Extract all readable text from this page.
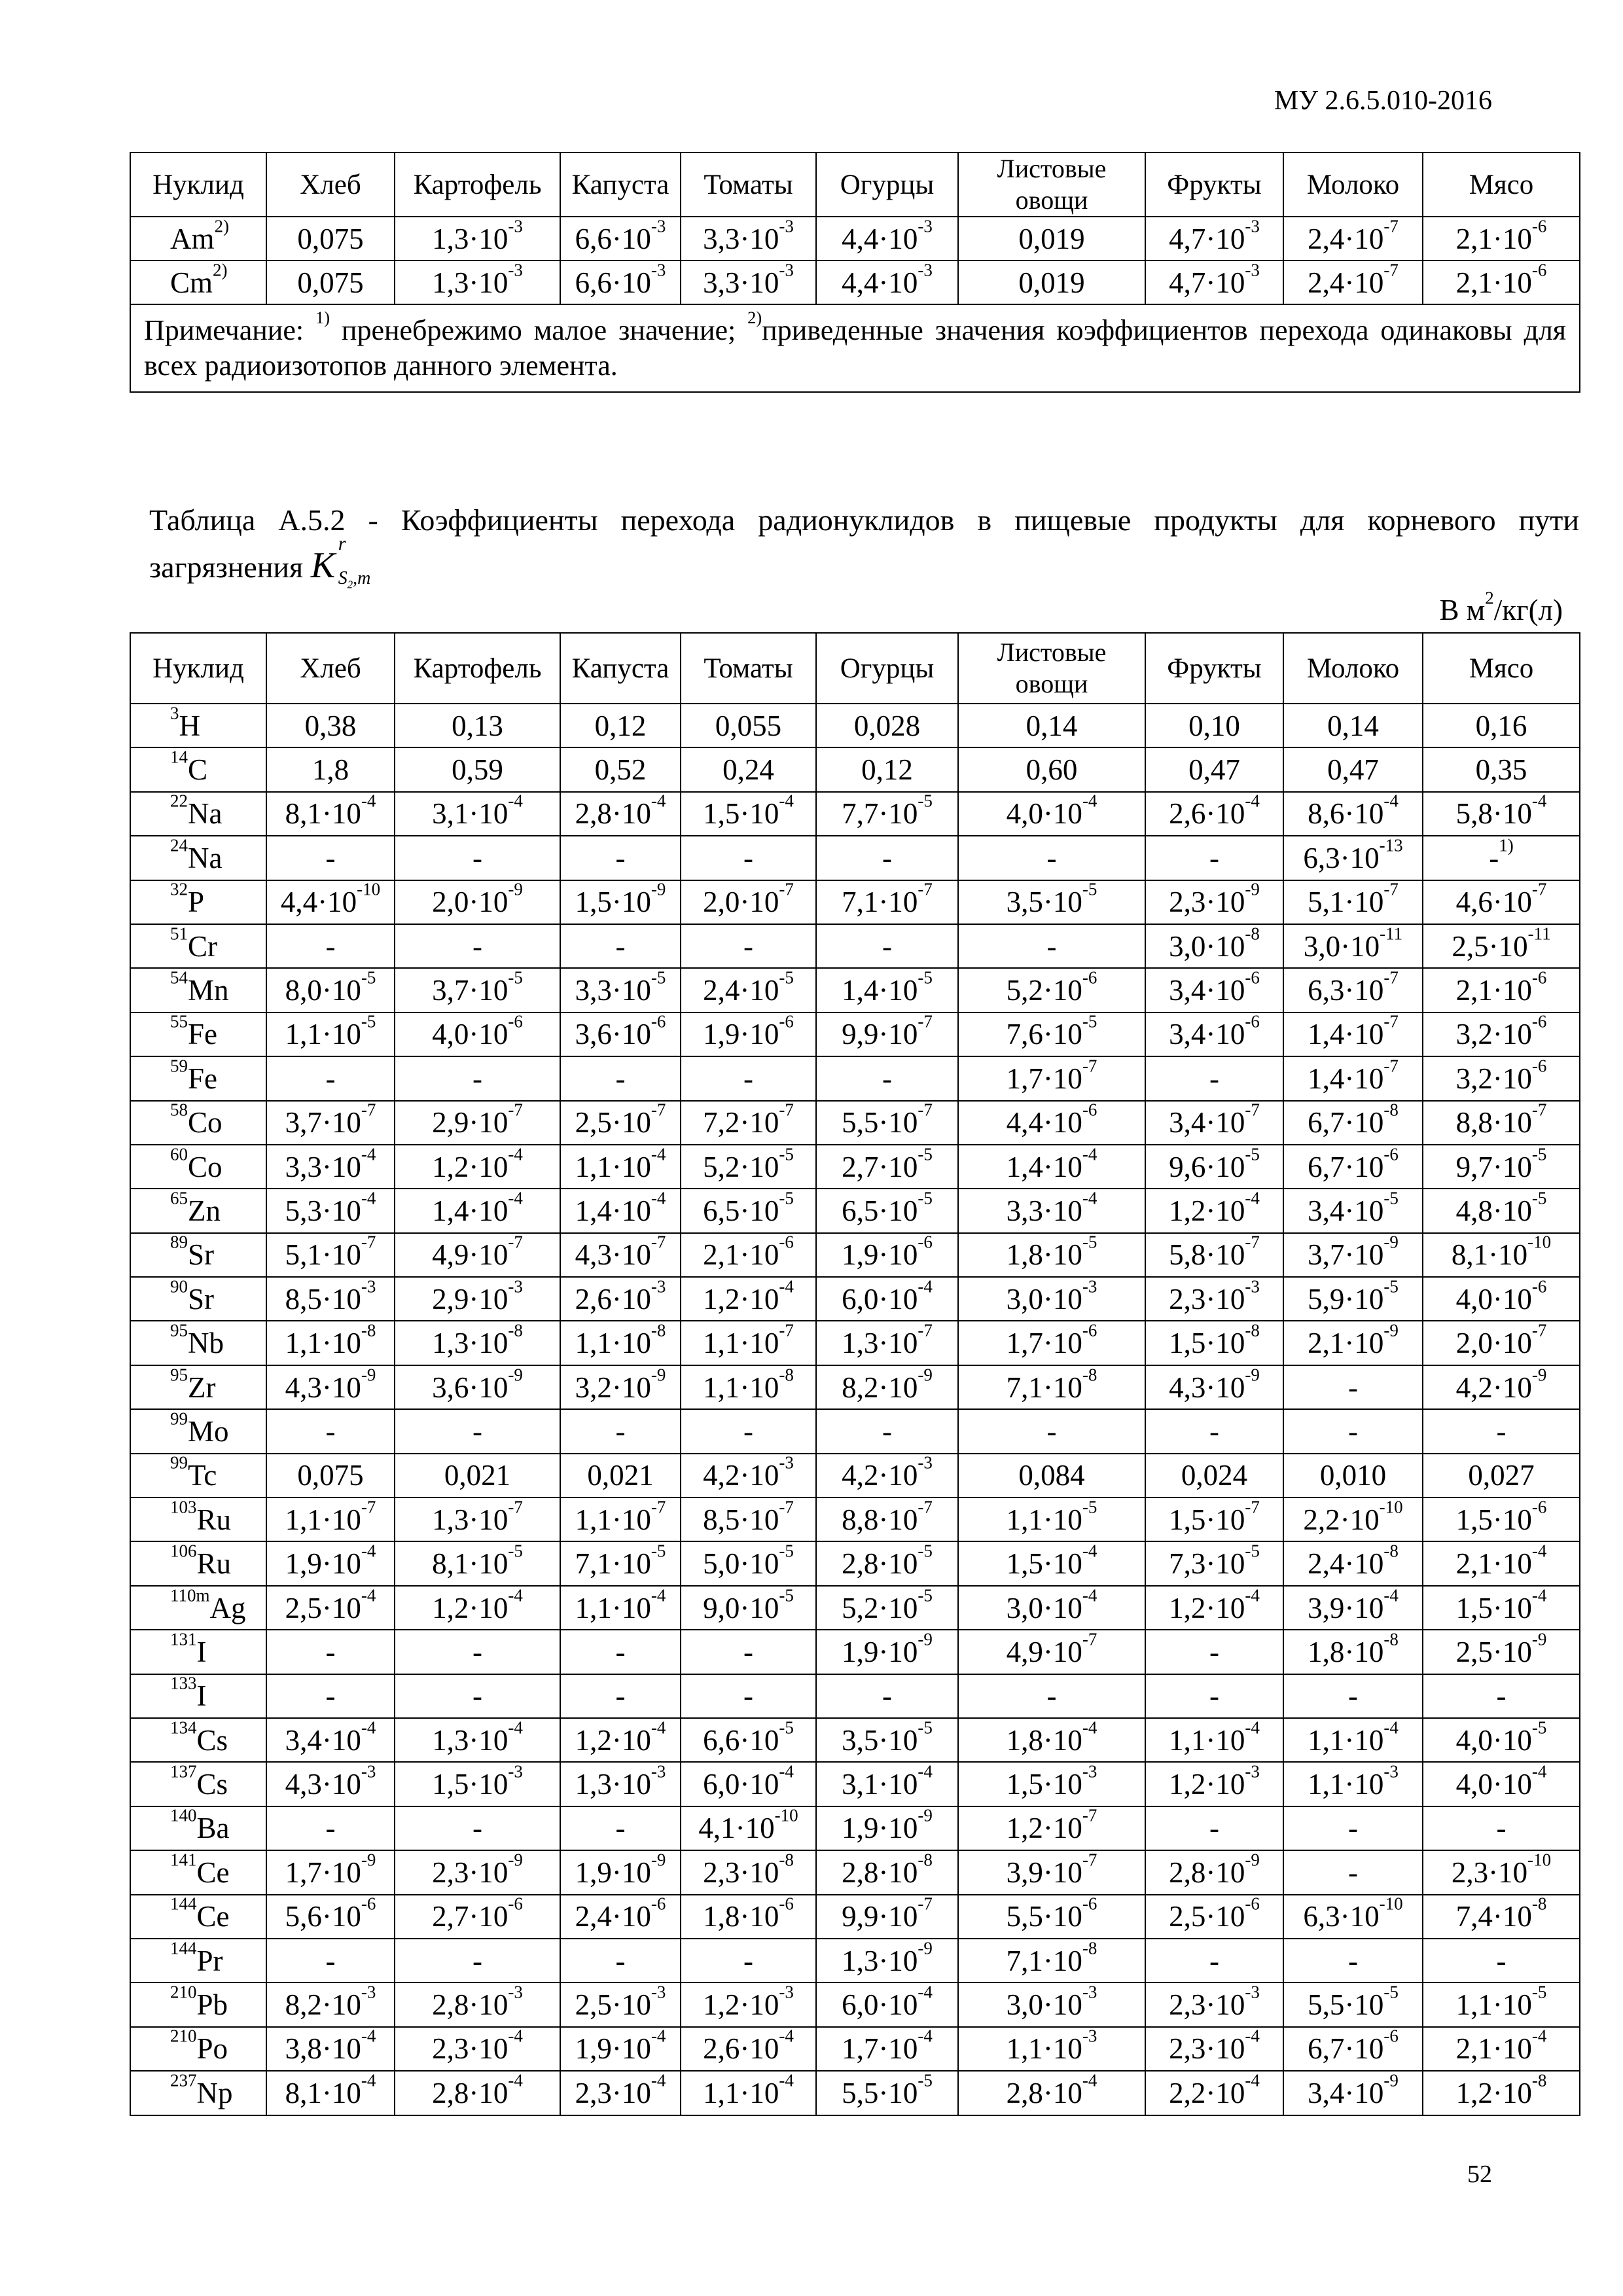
МУ 2.6.5.010-2016
Нуклид	Хлеб	Картофель	Капуста	Томаты	Огурцы	Листовые овощи	Фрукты	Молоко	Мясо
Am$^{2)}$	0,075	$1,3\cdot 10^{-3}$	$6,6\cdot 10^{-3}$	$3,3\cdot 10^{-3}$	$4,4\cdot 10^{-3}$	0,019	$4,7\cdot 10^{-3}$	$2,4\cdot 10^{-7}$	$2,1\cdot 10^{-6}$
Cm$^{2)}$	0,075	$1,3\cdot 10^{-3}$	$6,6\cdot 10^{-3}$	$3,3\cdot 10^{-3}$	$4,4\cdot 10^{-3}$	0,019	$4,7\cdot 10^{-3}$	$2,4\cdot 10^{-7}$	$2,1\cdot 10^{-6}$
Примечание: $^{1)}$ пренебрежимо малое значение; $^{2)}$приведенные значения коэффициентов перехода одинаковы для всех радиоизотопов данного элемента.									
Таблица А.5.2 - Коэффициенты перехода радионуклидов в пищевые продукты для корневого пути
загрязнения K
r
$S_2,m$
В $м^2/кг(л)$
Нуклид	Хлеб	Картофель	Капуста	Томаты	Огурцы	Листовые овощи	Фрукты	Молоко	Мясо
$^3$H	0,38	0,13	0,12	0,055	0,028	0,14	0,10	0,14	0,16
$^{14}$C	1,8	0,59	0,52	0,24	0,12	0,60	0,47	0,47	0,35
$^{22}$Na	$8,1\cdot 10^{-4}$	$3,1\cdot 10^{-4}$	$2,8\cdot 10^{-4}$	$1,5\cdot 10^{-4}$	$7,7\cdot 10^{-5}$	$4,0\cdot 10^{-4}$	$2,6\cdot 10^{-4}$	$8,6\cdot 10^{-4}$	$5,8\cdot 10^{-4}$
$^{24}$Na	-	-	-	-	-	-	-	$6,3\cdot 10^{-13}$	-$^{1)}$
$^{32}$P	$4,4\cdot 10^{-10}$	$2,0\cdot 10^{-9}$	$1,5\cdot 10^{-9}$	$2,0\cdot 10^{-7}$	$7,1\cdot 10^{-7}$	$3,5\cdot 10^{-5}$	$2,3\cdot 10^{-9}$	$5,1\cdot 10^{-7}$	$4,6\cdot 10^{-7}$
$^{51}$Cr	-	-	-	-	-	-	$3,0\cdot 10^{-8}$	$3,0\cdot 10^{-11}$	$2,5\cdot 10^{-11}$
$^{54}$Mn	$8,0\cdot 10^{-5}$	$3,7\cdot 10^{-5}$	$3,3\cdot 10^{-5}$	$2,4\cdot 10^{-5}$	$1,4\cdot 10^{-5}$	$5,2\cdot 10^{-6}$	$3,4\cdot 10^{-6}$	$6,3\cdot 10^{-7}$	$2,1\cdot 10^{-6}$
$^{55}$Fe	$1,1\cdot 10^{-5}$	$4,0\cdot 10^{-6}$	$3,6\cdot 10^{-6}$	$1,9\cdot 10^{-6}$	$9,9\cdot 10^{-7}$	$7,6\cdot 10^{-5}$	$3,4\cdot 10^{-6}$	$1,4\cdot 10^{-7}$	$3,2\cdot 10^{-6}$
$^{59}$Fe	-	-	-	-	-	$1,7\cdot 10^{-7}$	-	$1,4\cdot 10^{-7}$	$3,2\cdot 10^{-6}$
$^{58}$Co	$3,7\cdot 10^{-7}$	$2,9\cdot 10^{-7}$	$2,5\cdot 10^{-7}$	$7,2\cdot 10^{-7}$	$5,5\cdot 10^{-7}$	$4,4\cdot 10^{-6}$	$3,4\cdot 10^{-7}$	$6,7\cdot 10^{-8}$	$8,8\cdot 10^{-7}$
$^{60}$Co	$3,3\cdot 10^{-4}$	$1,2\cdot 10^{-4}$	$1,1\cdot 10^{-4}$	$5,2\cdot 10^{-5}$	$2,7\cdot 10^{-5}$	$1,4\cdot 10^{-4}$	$9,6\cdot 10^{-5}$	$6,7\cdot 10^{-6}$	$9,7\cdot 10^{-5}$
$^{65}$Zn	$5,3\cdot 10^{-4}$	$1,4\cdot 10^{-4}$	$1,4\cdot 10^{-4}$	$6,5\cdot 10^{-5}$	$6,5\cdot 10^{-5}$	$3,3\cdot 10^{-4}$	$1,2\cdot 10^{-4}$	$3,4\cdot 10^{-5}$	$4,8\cdot 10^{-5}$
$^{89}$Sr	$5,1\cdot 10^{-7}$	$4,9\cdot 10^{-7}$	$4,3\cdot 10^{-7}$	$2,1\cdot 10^{-6}$	$1,9\cdot 10^{-6}$	$1,8\cdot 10^{-5}$	$5,8\cdot 10^{-7}$	$3,7\cdot 10^{-9}$	$8,1\cdot 10^{-10}$
$^{90}$Sr	$8,5\cdot 10^{-3}$	$2,9\cdot 10^{-3}$	$2,6\cdot 10^{-3}$	$1,2\cdot 10^{-4}$	$6,0\cdot 10^{-4}$	$3,0\cdot 10^{-3}$	$2,3\cdot 10^{-3}$	$5,9\cdot 10^{-5}$	$4,0\cdot 10^{-6}$
$^{95}$Nb	$1,1\cdot 10^{-8}$	$1,3\cdot 10^{-8}$	$1,1\cdot 10^{-8}$	$1,1\cdot 10^{-7}$	$1,3\cdot 10^{-7}$	$1,7\cdot 10^{-6}$	$1,5\cdot 10^{-8}$	$2,1\cdot 10^{-9}$	$2,0\cdot 10^{-7}$
$^{95}$Zr	$4,3\cdot 10^{-9}$	$3,6\cdot 10^{-9}$	$3,2\cdot 10^{-9}$	$1,1\cdot 10^{-8}$	$8,2\cdot 10^{-9}$	$7,1\cdot 10^{-8}$	$4,3\cdot 10^{-9}$	-	$4,2\cdot 10^{-9}$
$^{99}$Mo	-	-	-	-	-	-	-	-	-
$^{99}$Tc	0,075	0,021	0,021	$4,2\cdot 10^{-3}$	$4,2\cdot 10^{-3}$	0,084	0,024	0,010	0,027
$^{103}$Ru	$1,1\cdot 10^{-7}$	$1,3\cdot 10^{-7}$	$1,1\cdot 10^{-7}$	$8,5\cdot 10^{-7}$	$8,8\cdot 10^{-7}$	$1,1\cdot 10^{-5}$	$1,5\cdot 10^{-7}$	$2,2\cdot 10^{-10}$	$1,5\cdot 10^{-6}$
$^{106}$Ru	$1,9\cdot 10^{-4}$	$8,1\cdot 10^{-5}$	$7,1\cdot 10^{-5}$	$5,0\cdot 10^{-5}$	$2,8\cdot 10^{-5}$	$1,5\cdot 10^{-4}$	$7,3\cdot 10^{-5}$	$2,4\cdot 10^{-8}$	$2,1\cdot 10^{-4}$
$^{110m}$Ag	$2,5\cdot 10^{-4}$	$1,2\cdot 10^{-4}$	$1,1\cdot 10^{-4}$	$9,0\cdot 10^{-5}$	$5,2\cdot 10^{-5}$	$3,0\cdot 10^{-4}$	$1,2\cdot 10^{-4}$	$3,9\cdot 10^{-4}$	$1,5\cdot 10^{-4}$
$^{131}$I	-	-	-	-	$1,9\cdot 10^{-9}$	$4,9\cdot 10^{-7}$	-	$1,8\cdot 10^{-8}$	$2,5\cdot 10^{-9}$
$^{133}$I	-	-	-	-	-	-	-	-	-
$^{134}$Cs	$3,4\cdot 10^{-4}$	$1,3\cdot 10^{-4}$	$1,2\cdot 10^{-4}$	$6,6\cdot 10^{-5}$	$3,5\cdot 10^{-5}$	$1,8\cdot 10^{-4}$	$1,1\cdot 10^{-4}$	$1,1\cdot 10^{-4}$	$4,0\cdot 10^{-5}$
$^{137}$Cs	$4,3\cdot 10^{-3}$	$1,5\cdot 10^{-3}$	$1,3\cdot 10^{-3}$	$6,0\cdot 10^{-4}$	$3,1\cdot 10^{-4}$	$1,5\cdot 10^{-3}$	$1,2\cdot 10^{-3}$	$1,1\cdot 10^{-3}$	$4,0\cdot 10^{-4}$
$^{140}$Ba	-	-	-	$4,1\cdot 10^{-10}$	$1,9\cdot 10^{-9}$	$1,2\cdot 10^{-7}$	-	-	-
$^{141}$Ce	$1,7\cdot 10^{-9}$	$2,3\cdot 10^{-9}$	$1,9\cdot 10^{-9}$	$2,3\cdot 10^{-8}$	$2,8\cdot 10^{-8}$	$3,9\cdot 10^{-7}$	$2,8\cdot 10^{-9}$	-	$2,3\cdot 10^{-10}$
$^{144}$Ce	$5,6\cdot 10^{-6}$	$2,7\cdot 10^{-6}$	$2,4\cdot 10^{-6}$	$1,8\cdot 10^{-6}$	$9,9\cdot 10^{-7}$	$5,5\cdot 10^{-6}$	$2,5\cdot 10^{-6}$	$6,3\cdot 10^{-10}$	$7,4\cdot 10^{-8}$
$^{144}$Pr	-	-	-	-	$1,3\cdot 10^{-9}$	$7,1\cdot 10^{-8}$	-	-	-
$^{210}$Pb	$8,2\cdot 10^{-3}$	$2,8\cdot 10^{-3}$	$2,5\cdot 10^{-3}$	$1,2\cdot 10^{-3}$	$6,0\cdot 10^{-4}$	$3,0\cdot 10^{-3}$	$2,3\cdot 10^{-3}$	$5,5\cdot 10^{-5}$	$1,1\cdot 10^{-5}$
$^{210}$Po	$3,8\cdot 10^{-4}$	$2,3\cdot 10^{-4}$	$1,9\cdot 10^{-4}$	$2,6\cdot 10^{-4}$	$1,7\cdot 10^{-4}$	$1,1\cdot 10^{-3}$	$2,3\cdot 10^{-4}$	$6,7\cdot 10^{-6}$	$2,1\cdot 10^{-4}$
$^{237}$Np	$8,1\cdot 10^{-4}$	$2,8\cdot 10^{-4}$	$2,3\cdot 10^{-4}$	$1,1\cdot 10^{-4}$	$5,5\cdot 10^{-5}$	$2,8\cdot 10^{-4}$	$2,2\cdot 10^{-4}$	$3,4\cdot 10^{-9}$	$1,2\cdot 10^{-8}$
52
